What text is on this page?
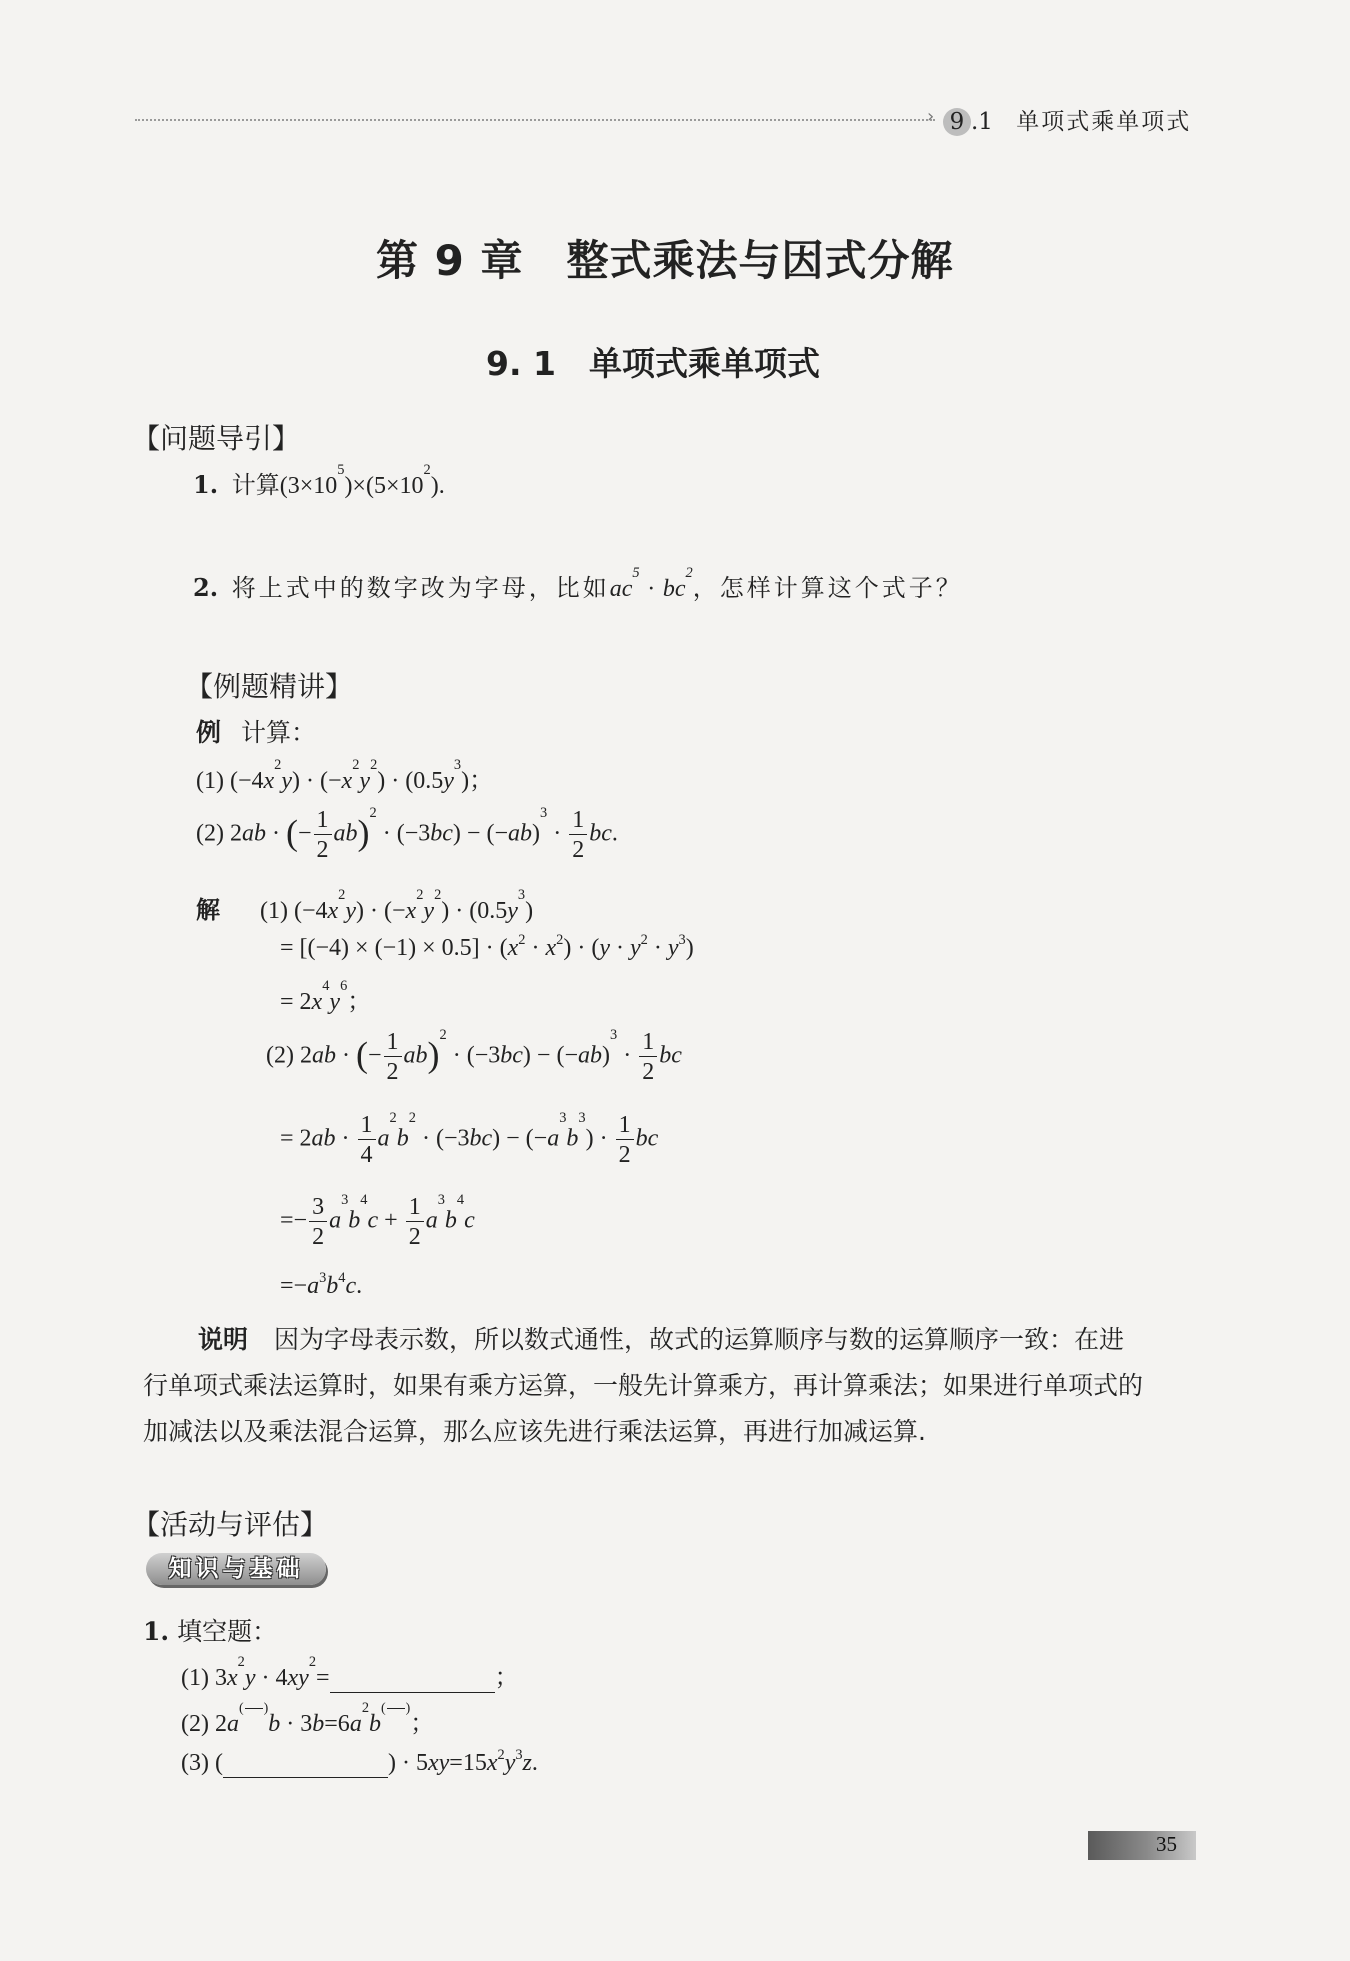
› 9 .1 单项式乘单项式
第 9 章　整式乘法与因式分解
9. 1　单项式乘单项式
【问题导引】
1. 计算$(3\times 10^5)\times(5\times 10^2)$.
2. 将上式中的数字改为字母，比如$ac^5 \cdot bc^2$，怎样计算这个式子？
【例题精讲】
例 计算：
(1) $(-4x^2y) \cdot (-x^2y^2) \cdot (0.5y^3)$；
(2) 2ab · (− $\frac{1}{2} ab)^2 \cdot (-3bc) - (-ab)^3 \cdot \frac{1}{2}$ bc.
解 (1) $(-4x^2y) \cdot (-x^2y^2) \cdot (0.5y^3)$
= $[(-4) \times (-1) \times 0.5] \cdot (x^2 \cdot x^2) \cdot (y \cdot y^2 \cdot y^3)$
= $2x^4y^6$；
(2) 2ab · (− $\frac{1}{2} ab)^2 \cdot (-3bc) - (-ab)^3 \cdot \frac{1}{2}$ bc
= $2ab \cdot \frac{1}{4} a^2b^2 \cdot (-3bc) - (-a^3b^3) \cdot \frac{1}{2}$ bc
=− $\frac{3}{2} a^3b^4c + \frac{1}{2} a^3b^4c$
$=-a^3b^4c$.
说明 因为字母表示数，所以数式通性，故式的运算顺序与数的运算顺序一致：在进
行单项式乘法运算时，如果有乘方运算，一般先计算乘方，再计算乘法；如果进行单项式的
加减法以及乘法混合运算，那么应该先进行乘法运算，再进行加减运算.
【活动与评估】
知识与基础
1. 填空题：
(1) $3x^2y \cdot 4xy^2=$	；
(2) $2a^{( )}b \cdot 3b=6a^2b^{( )}$；
(3) (	) · $5xy=15x^2y^3z$.
35
